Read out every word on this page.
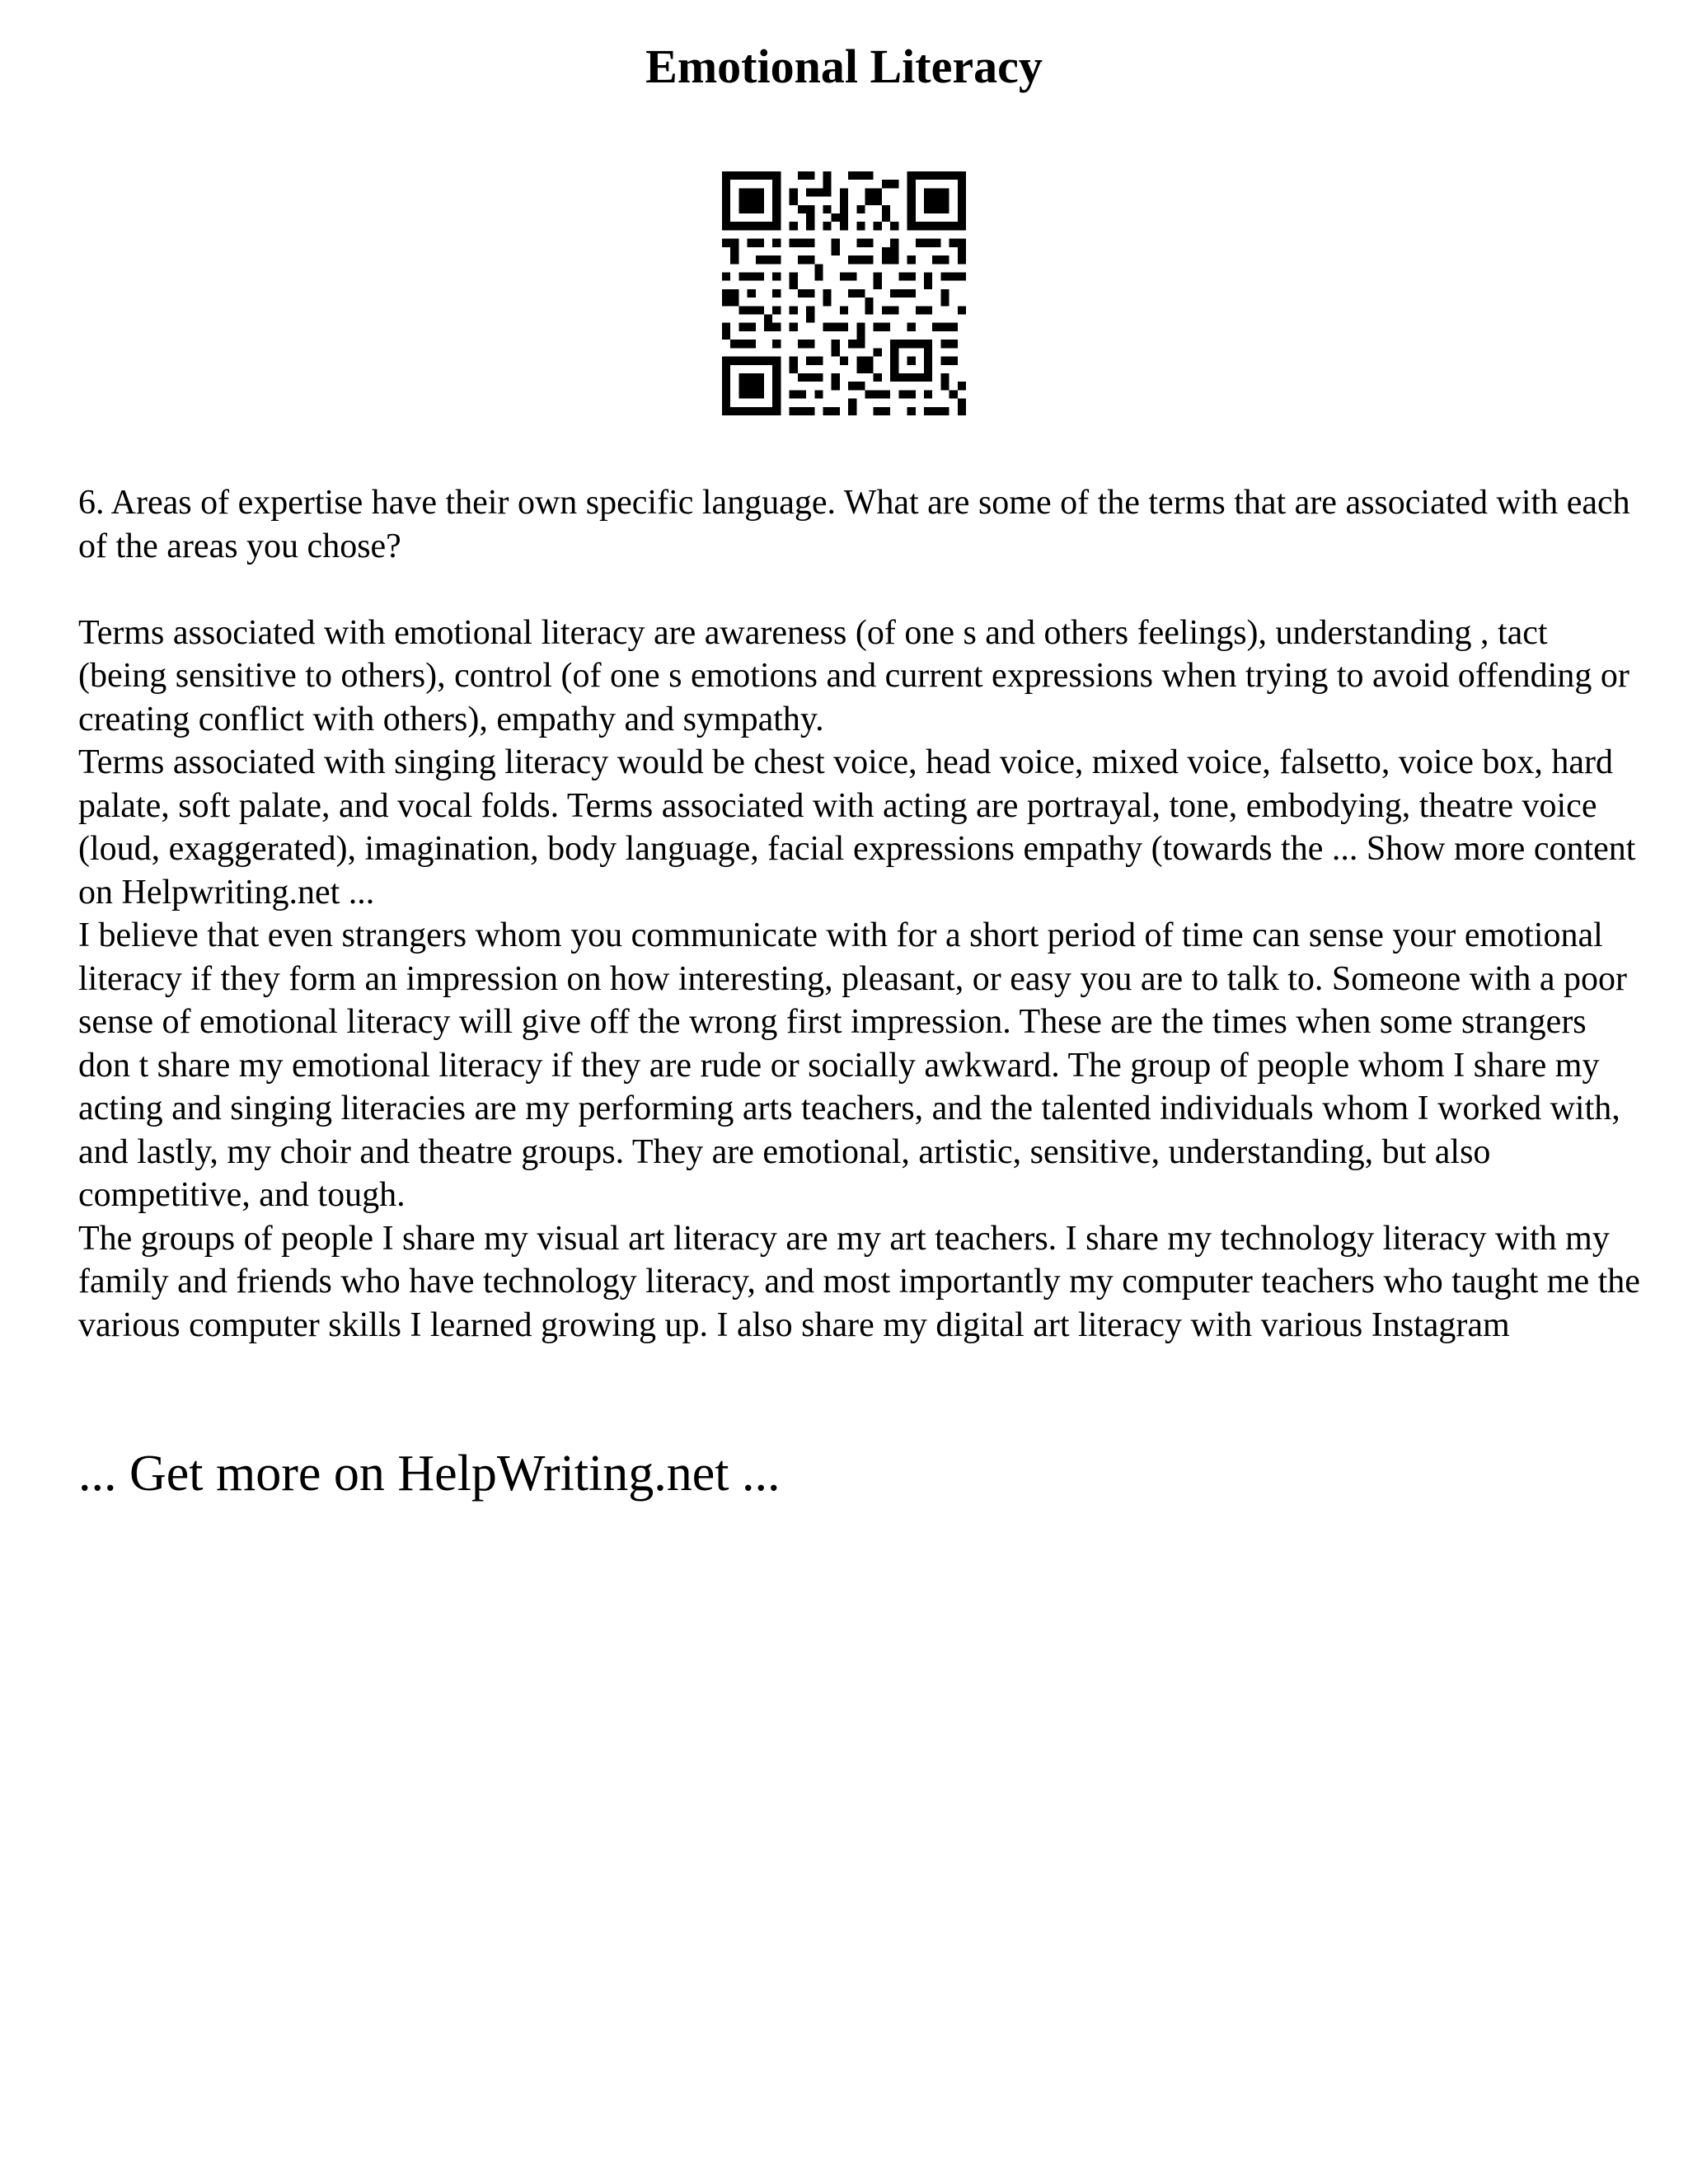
Emotional Literacy

6. Areas of expertise have their own specific language. What are some of the terms that are associated with each of the areas you chose?

Terms associated with emotional literacy are awareness (of one s and others feelings), understanding , tact (being sensitive to others), control (of one s emotions and current expressions when trying to avoid offending or creating conflict with others), empathy and sympathy.

Terms associated with singing literacy would be chest voice, head voice, mixed voice, falsetto, voice box, hard palate, soft palate, and vocal folds. Terms associated with acting are portrayal, tone, embodying, theatre voice (loud, exaggerated), imagination, body language, facial expressions empathy (towards the ... Show more content on Helpwriting.net ...

I believe that even strangers whom you communicate with for a short period of time can sense your emotional literacy if they form an impression on how interesting, pleasant, or easy you are to talk to. Someone with a poor sense of emotional literacy will give off the wrong first impression. These are the times when some strangers don t share my emotional literacy if they are rude or socially awkward. The group of people whom I share my acting and singing literacies are my performing arts teachers, and the talented individuals whom I worked with, and lastly, my choir and theatre groups. They are emotional, artistic, sensitive, understanding, but also competitive, and tough.

The groups of people I share my visual art literacy are my art teachers. I share my technology literacy with my family and friends who have technology literacy, and most importantly my computer teachers who taught me the various computer skills I learned growing up. I also share my digital art literacy with various Instagram

... Get more on HelpWriting.net ...
